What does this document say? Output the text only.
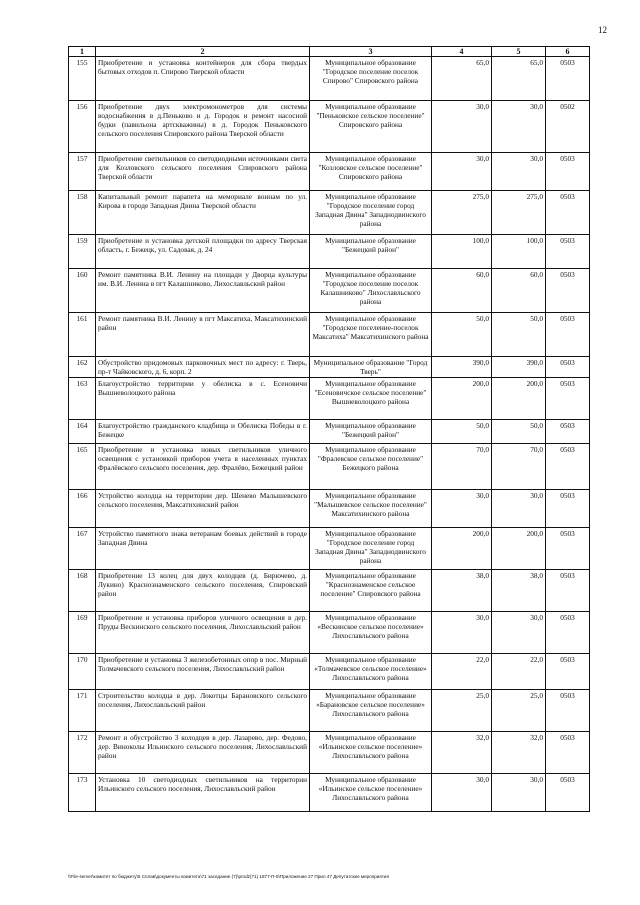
12
1	2	3	4	5	6
155	Приобретение и установка контейнеров для сбора твердых бытовых отходов п. Спирово Тверской области	Муниципальное образование "Городское поселение поселок Спирово" Спировского района	65,0	65,0	0503
156	Приобретение двух электромонометров для системы водоснабжения в д.Пеньково и д. Городок и ремонт насосной будки (павильона артскважины) в д. Городок Пеньковского сельского поселения Спировского района Тверской области	Муниципальное образование "Пеньковское сельское поселение" Спировского района	30,0	30,0	0502
157	Приобретение светильников со светодиодными источниками света для Козловского сельского поселения Спировского района Тверской области	Муниципальное образование "Козловское сельское поселение" Спировского района	30,0	30,0	0503
158	Капитальный ремонт парапета на мемориале воинам по ул. Кирова в городе Западная Двина Тверской области	Муниципальное образование "Городское поселение город Западная Двина" Западнодвинского района	275,0	275,0	0503
159	Приобретение и установка детской площадки по адресу Тверская область, г. Бежецк, ул. Садовая, д. 24	Муниципальное образование "Бежецкий район"	100,0	100,0	0503
160	Ремонт памятника В.И. Ленину на площади у Дворца культуры им. В.И. Ленина в пгт Калашниково, Лихославльский район	Муниципальное образование "Городское поселение поселок Калашниково" Лихославльского района	60,0	60,0	0503
161	Ремонт памятника В.И. Ленину в пгт Максатиха, Максатихинский район	Муниципальное образование "Городское поселение-поселок Максатиха" Максатихинского района	50,0	50,0	0503
162	Обустройство придомовых парковочных мест по адресу: г. Тверь, пр-т Чайковского, д. 6, корп. 2	Муниципальное образование "Город Тверь"	390,0	390,0	0503
163	Благоустройство территории у обелиска в с. Есеновичи Вышневолоцкого района	Муниципальное образование "Есеновичское сельское поселение" Вышневолоцкого района	200,0	200,0	0503
164	Благоустройство гражданского кладбища и Обелиска Победы в г. Бежецке	Муниципальное образование "Бежецкий район"	50,0	50,0	0503
165	Приобретение и установка новых светильников уличного освещения с установкой приборов учета в населенных пунктах Фралёвского сельского поселения, дер. Фралёво, Бежецкий район	Муниципальное образование "Фралевское сельское поселение" Бежецкого района	70,0	70,0	0503
166	Устройство колодца на территории дер. Шенево Малышевского сельского поселения, Максатихинский район	Муниципальное образование "Малышевское сельское поселение" Максатихинского района	30,0	30,0	0503
167	Устройство памятного знака ветеранам боевых действий в городе Западная Двина	Муниципальное образование "Городское поселение город Западная Двина" Западнодвинского района	200,0	200,0	0503
168	Приобретение 13 колец для двух колодцев (д. Бирючево, д. Лукино) Краснознаменского сельского поселения, Спировский район	Муниципальное образование "Краснознаменское сельское поселение" Спировского района	38,0	38,0	0503
169	Приобретение и установка приборов уличного освещения в дер. Пруды Вескинского сельского поселения, Лихославльский район	Муниципальное образование «Вескинское сельское поселение» Лихославльского района	30,0	30,0	0503
170	Приобретение и установка 3 железобетонных опор в пос. Мирный Толмачевского сельского поселения, Лихославльский район	Муниципальное образование «Толмачевское сельское поселение» Лихославльского района	22,0	22,0	0503
171	Строительство колодца в дер. Локотцы Барановского сельского поселения, Лихославльский район	Муниципальное образование «Барановское сельское поселение» Лихославльского района	25,0	25,0	0503
172	Ремонт и обустройство 3 колодцев в дер. Лазарево, дер. Федово, дер. Виноколы Ильинского сельского поселения, Лихославльский район	Муниципальное образование «Ильинское сельское поселение» Лихославльского района	32,0	32,0	0503
173	Установка 10 светодиодных светильников на территории Ильинского сельского поселения, Лихославльский район	Муниципальное образование «Ильинское сельское поселение» Лихославльского района	30,0	30,0	0503
\\File-server\комитет по бюджету\5 Сплав\документы комитета\71 заседание (7)\prodz(71) 1877-П-5\Приложение 27 Прил 47 Депутатские мероприятия
